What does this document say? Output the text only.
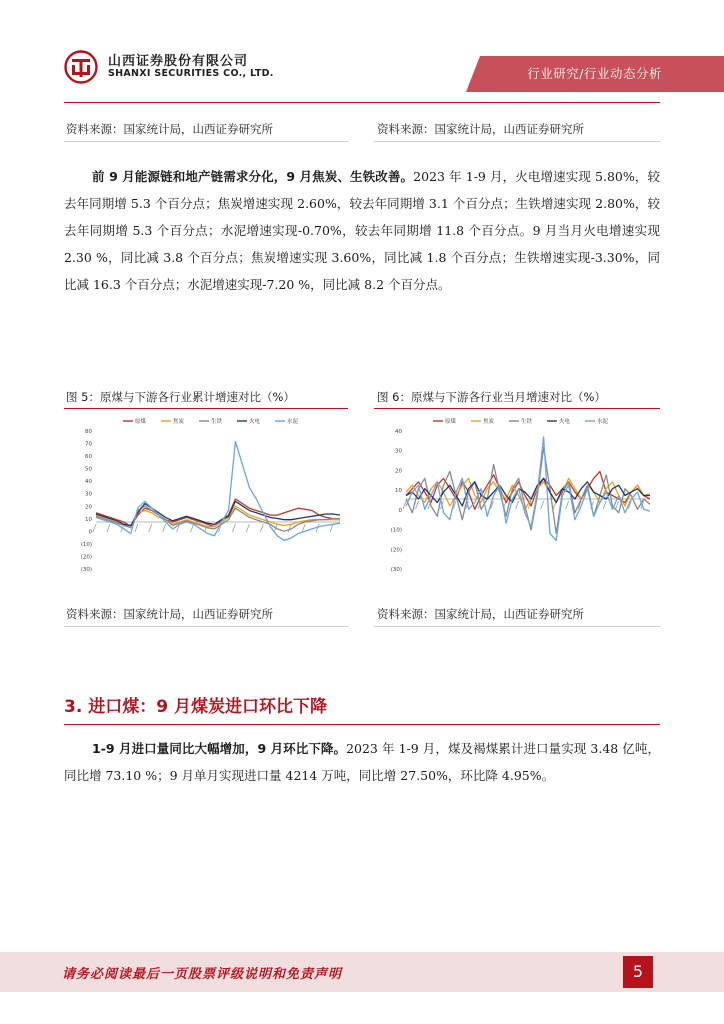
山西证券股份有限公司
SHANXI SECURITIES CO., LTD.	行业研究/行业动态分析
资料来源：国家统计局，山西证券研究所	资料来源：国家统计局，山西证券研究所
前 9 月能源链和地产链需求分化，9 月焦炭、生铁改善。2023 年 1-9 月，火电增速实现 5.80%，较去年同期增 5.3 个百分点；焦炭增速实现 2.60%，较去年同期增 3.1 个百分点；生铁增速实现 2.80%，较去年同期增 5.3 个百分点；水泥增速实现-0.70%，较去年同期增 11.8 个百分点。9 月当月火电增速实现 2.30 %，同比减 3.8 个百分点；焦炭增速实现 3.60%，同比减 1.8 个百分点；生铁增速实现-3.30%，同比减 16.3 个百分点；水泥增速实现-7.20 %，同比减 8.2 个百分点。
图 5：原煤与下游各行业累计增速对比（%）
80
70
60
50
40
30
20
10
0
(10)
(20)
(30)
原煤	焦炭	生铁	火电	水泥
资料来源：国家统计局，山西证券研究所
图 6：原煤与下游各行业当月增速对比（%）
40
30
20
10
0
(10)
(20)
(30)
原煤	焦炭	生铁	火电	水泥
资料来源：国家统计局，山西证券研究所
3. 进口煤：9 月煤炭进口环比下降
1-9 月进口量同比大幅增加，9 月环比下降。2023 年 1-9 月，煤及褐煤累计进口量实现 3.48 亿吨，同比增 73.10 %；9 月单月实现进口量 4214 万吨，同比增 27.50%，环比降 4.95%。
请务必阅读最后一页股票评级说明和免责声明	5
